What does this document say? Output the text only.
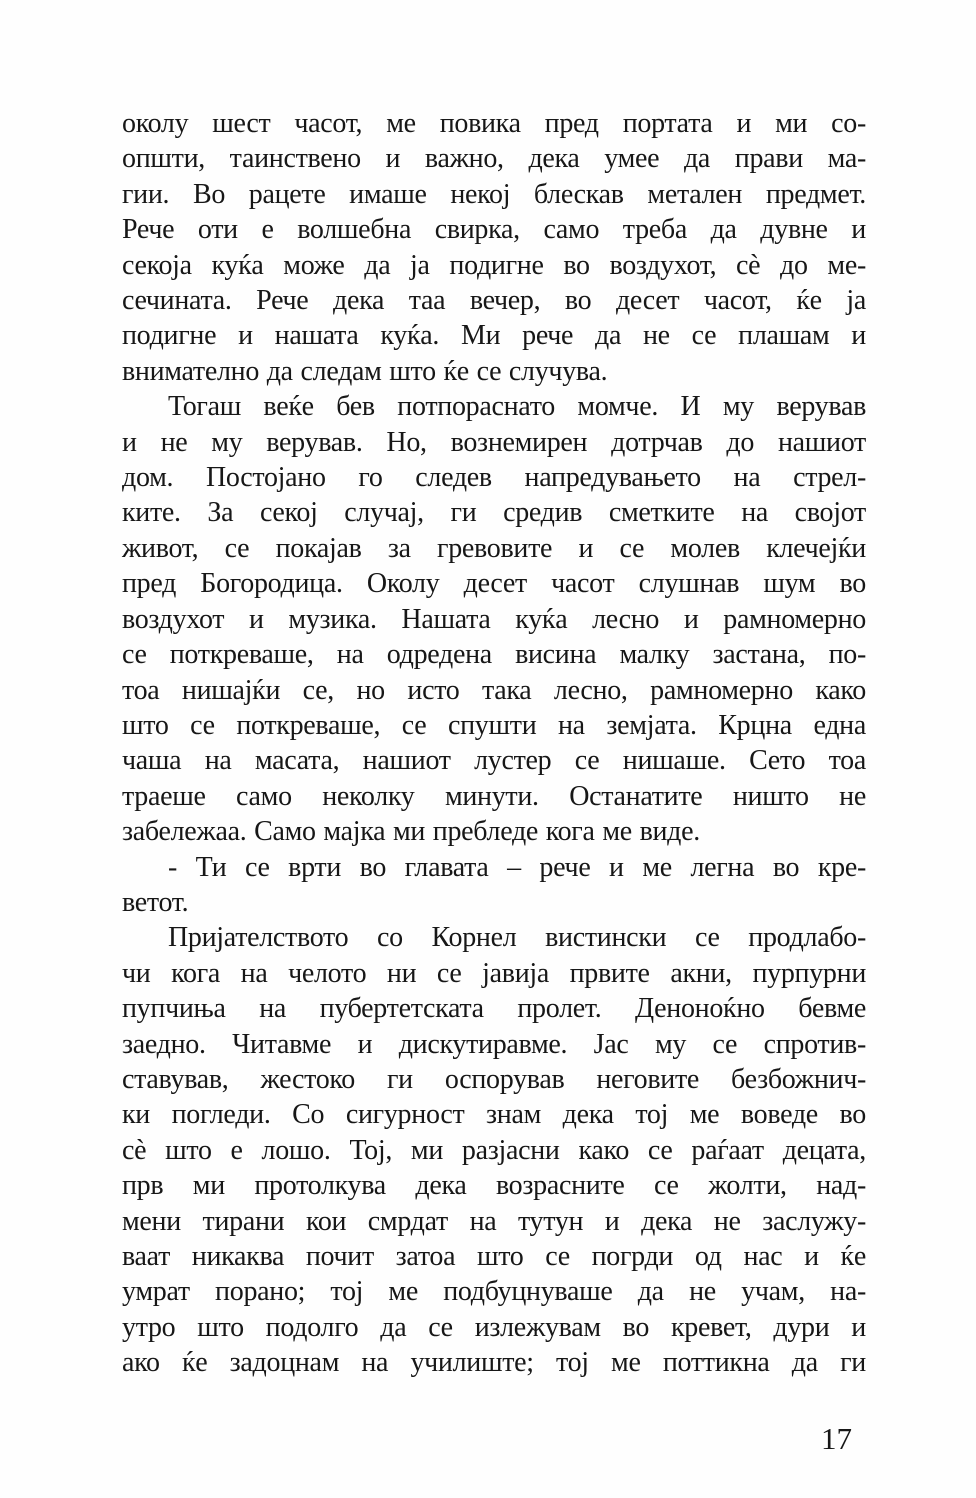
околу шест часот, ме повика пред портата и ми со-
општи, таинствено и важно, дека умее да прави ма-
гии. Во рацете имаше некој блескав метален предмет.
Рече оти е волшебна свирка, само треба да дувне и
секоја куќа може да ја подигне во воздухот, сè до ме-
сечината. Рече дека таа вечер, во десет часот, ќе ја
подигне и нашата куќа. Ми рече да не се плашам и
внимателно да следам што ќе се случува.
Тогаш веќе бев потпораснато момче. И му верував
и не му верував. Но, вознемирен дотрчав до нашиот
дом. Постојано го следев напредувањето на стрел-
ките. За секој случај, ги средив сметките на својот
живот, се покајав за гревовите и се молев клечејќи
пред Богородица. Околу десет часот слушнав шум во
воздухот и музика. Нашата куќа лесно и рамномерно
се поткреваше, на одредена висина малку застана, по-
тоа нишајќи се, но исто така лесно, рамномерно како
што се поткреваше, се спушти на земјата. Крцна една
чаша на масата, нашиот лустер се нишаше. Сето тоа
траеше само неколку минути. Останатите ништо не
забележаа. Само мајка ми пребледе кога ме виде.
- Ти се врти во главата – рече и ме легна во кре-
ветот.
Пријателството со Корнел вистински се продлабо-
чи кога на челото ни се јавија првите акни, пурпурни
пупчиња на пубертетската пролет. Деноноќно бевме
заедно. Читавме и дискутиравме. Јас му се спротив-
ставував, жестоко ги оспорував неговите безбожнич-
ки погледи. Со сигурност знам дека тој ме воведе во
сè што е лошо. Тој, ми разјасни како се раѓаат децата,
прв ми протолкува дека возрасните се жолти, над-
мени тирани кои смрдат на тутун и дека не заслужу-
ваат никаква почит затоа што се погрди од нас и ќе
умрат порано; тој ме подбуцнуваше да не учам, на-
утро што подолго да се излежувам во кревет, дури и
ако ќе задоцнам на училиште; тој ме поттикна да ги
17
